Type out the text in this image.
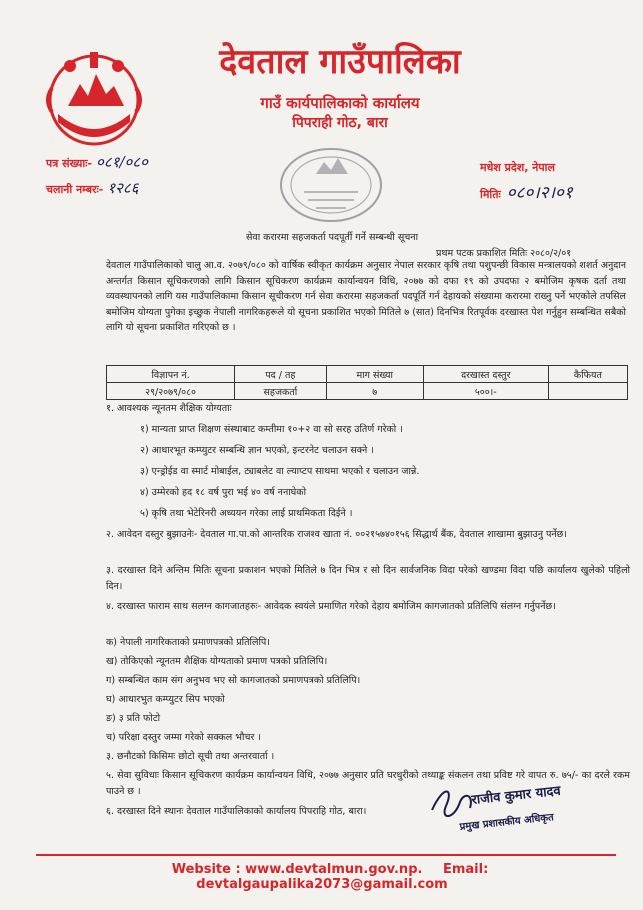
देवताल गाउँपालिका
गाउँ कार्यपालिकाको कार्यालय
पिपराही गोठ, बारा
पत्र संख्याः- ०८१/०८०
चलानी नम्बरः- १२८६
मधेश प्रदेश, नेपाल
मितिः ०८०।२।०१
सेवा करारमा सहजकर्ता पदपूर्ती गर्ने सम्बन्धी सूचना
प्रथम पटक प्रकाशित मितिः २०८०/२/०१
देवताल गाउँपालिकाको चालु आ.व. २०७९/०८० को वार्षिक स्वीकृत कार्यक्रम अनुसार नेपाल सरकार कृषि तथा पशुपन्छी विकास मन्त्रालयको शशर्त अनुदान अन्तर्गत किसान सूचिकरणको लागि किसान सूचिकरण कार्यक्रम कार्यान्वयन विधि, २०७७ को दफा १९ को उपदफा २ बमोजिम कृषक दर्ता तथा व्यवस्थापनको लागि यस गाउँपालिकामा किसान सूचीकरण गर्न सेवा करारमा सहजकर्ता पदपूर्ति गर्न देहायको संख्यामा करारमा राख्नु पर्ने भएकोले तपसिल बमोजिम योग्यता पुगेका इच्छुक नेपाली नागरिकहरूले यो सूचना प्रकाशित भएको मितिले ७ (सात) दिनभित्र रितपूर्वक दरखास्त पेश गर्नुहुन सम्बन्धित सबैको लागि यो सूचना प्रकाशित गरिएको छ ।
विज्ञापन नं.	पद / तह	माग संख्या	दरखास्त दस्तुर	कैफियत
२९/२०७९/०८०	सहजकर्ता	७	५००।-	
१. आवश्यक न्यूनतम शैक्षिक योग्यताः
१) मान्यता प्राप्त शिक्षण संस्थाबाट कम्तीमा १०+२ वा सो सरह उतिर्ण गरेको ।
२) आधारभूत कम्प्युटर सम्बन्धि ज्ञान भएको, इन्टरनेट चलाउन सक्ने ।
३) एन्ड्रोईड वा स्मार्ट मोबाईल, ट्याबलेट वा ल्याप्टप साथमा भएको र चलाउन जान्ने.
४) उम्मेरको हद १८ वर्ष पुरा भई ४० वर्ष ननाघेको
५) कृषि तथा भेटेरिनरी अध्ययन गरेका लाई प्राथमिकता दिईने ।
२. आवेदन दस्तुर बुझाउनेः- देवताल गा.पा.को आन्तरिक राजश्व खाता नं. ००२१५७४०१५६ सिद्धार्थ बैंक, देवताल शाखामा बुझाउनु पर्नेछ।
३. दरखास्त दिने अन्तिम मितिः सूचना प्रकाशन भएको मितिले ७ दिन भित्र र सो दिन सार्वजनिक विदा परेको खण्डमा विदा पछि कार्यालय खुलेको पहिलो दिन।
४. दरखास्त फाराम साथ सलग्न कागजातहरुः- आवेदक स्वयंले प्रमाणित गरेको देहाय बमोजिम कागजातको प्रतिलिपि संलग्न गर्नुपर्नेछ।
क) नेपाली नागरिकताको प्रमाणपत्रको प्रतिलिपि।
ख) तोकिएको न्यूनतम शैक्षिक योग्यताको प्रमाण पत्रको प्रतिलिपि।
ग) सम्बन्धित काम संग अनुभव भए सो कागजातको प्रमाणपत्रको प्रतिलिपि।
घ) आधारभुत कम्प्युटर सिप भएको
ङ) ३ प्रति फोटो
च) परिक्षा दस्तुर जम्मा गरेको सक्कल भौचर ।
३. छनौटको किसिमः छोटो सूची तथा अन्तरवार्ता ।
५. सेवा सुविधाः किसान सूचिकरण कार्यक्रम कार्यान्वयन विधि, २०७७ अनुसार प्रति घरधुरीको तथ्याङ्क संकलन तथा प्रविष्ट गरे वापत रु. ७५/- का दरले रकम पाउने छ ।
६. दरखास्त दिने स्थानः देवताल गाउँपालिकाको कार्यालय पिपराहि गोठ, बारा।
राजीव कुमार यादव
प्रमुख प्रशासकीय अधिकृत
Website : www.devtalmun.gov.np. Email: devtalgaupalika2073@gamail.com
